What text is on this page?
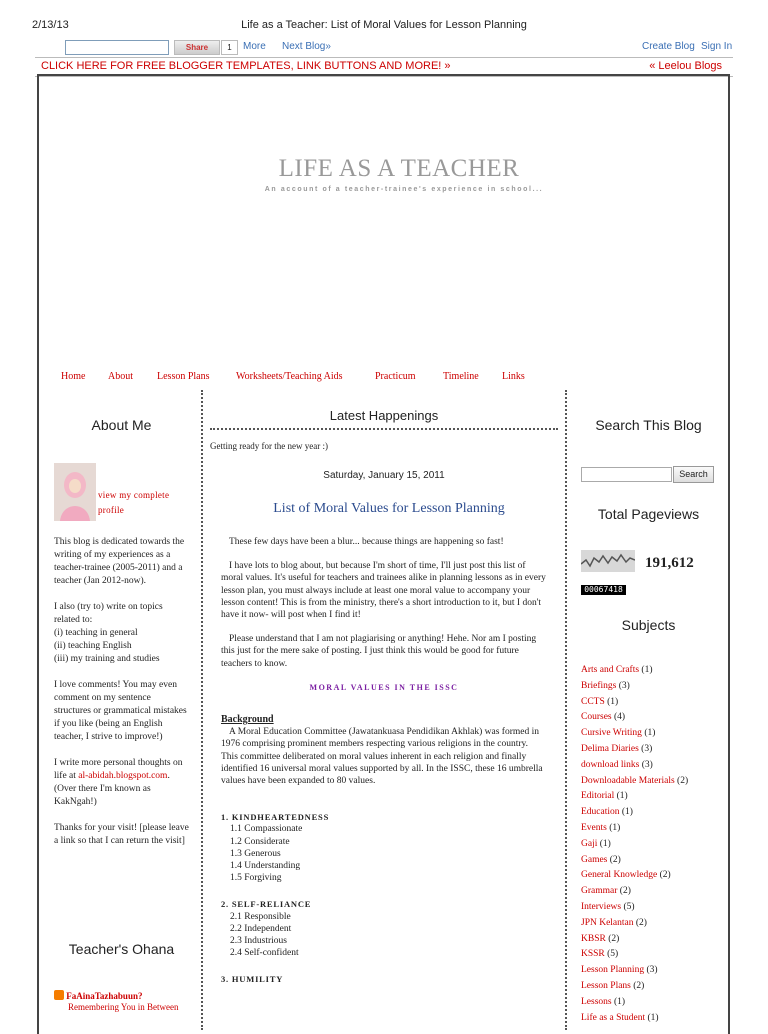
2/13/13	Life as a Teacher: List of Moral Values for Lesson Planning
Share	1	More Next Blog»	Create Blog Sign In
CLICK HERE FOR FREE BLOGGER TEMPLATES, LINK BUTTONS AND MORE! »	« Leelou Blogs
LIFE AS A TEACHER
An account of a teacher-trainee's experience in school...
Home About Lesson Plans	Worksheets/Teaching Aids	Practicum	Timeline Links
About Me
view my complete profile

This blog is dedicated towards the writing of my experiences as a teacher-trainee (2005-2011) and a teacher (Jan 2012-now).

I also (try to) write on topics related to:

(i) teaching in general
(ii) teaching English
(iii) my training and studies

I love comments! You may even comment on my sentence structures or grammatical mistakes if you like (being an English teacher, I strive to improve!)

I write more personal thoughts on life at al-abidah.blogspot.com. (Over there I'm known as KakNgah!)

Thanks for your visit! [please leave a link so that I can return the visit]

Teacher's Ohana
FaAinaTazhabuun?
Remembering You in Between
Latest Happenings
Getting ready for the new year :)
Saturday, January 15, 2011
List of Moral Values for Lesson Planning

These few days have been a blur... because things are happening so fast!

I have lots to blog about, but because I'm short of time, I'll just post this list of moral values. It's useful for teachers and trainees alike in planning lessons as in every lesson plan, you must always include at least one moral value to accompany your lesson content! This is from the ministry, there's a short introduction to it, but I don't have it now- will post when I find it!

Please understand that I am not plagiarising or anything! Hehe. Nor am I posting this just for the mere sake of posting. I just think this would be good for future teachers to know.

MORAL VALUES IN THE ISSC
Background

A Moral Education Committee (Jawatankuasa Pendidikan Akhlak) was formed in 1976 comprising prominent members respecting various religions in the country. This committee deliberated on moral values inherent in each religion and finally identified 16 universal moral values supported by all. In the ISSC, these 16 umbrella values have been expanded to 80 values.

1. KINDHEARTEDNESS
1.1 Compassionate
1.2 Considerate
1.3 Generous
1.4 Understanding
1.5 Forgiving
2. SELF-RELIANCE
2.1 Responsible
2.2 Independent
2.3 Industrious
2.4 Self-confident
3. HUMILITY
Search This Blog
Search
Total Pageviews
191,612
00067418
Subjects
Arts and Crafts (1)
Briefings (3)
CCTS (1)
Courses (4)
Cursive Writing (1)
Delima Diaries (3)
download links (3)
Downloadable Materials (2)
Editorial (1)
Education (1)
Events (1)
Gaji (1)
Games (2)
General Knowledge (2)
Grammar (2)
Interviews (5)
JPN Kelantan (2)
KBSR (2)
KSSR (5)
Lesson Planning (3)
Lesson Plans (2)
Lessons (1)
Life as a Student (1)
